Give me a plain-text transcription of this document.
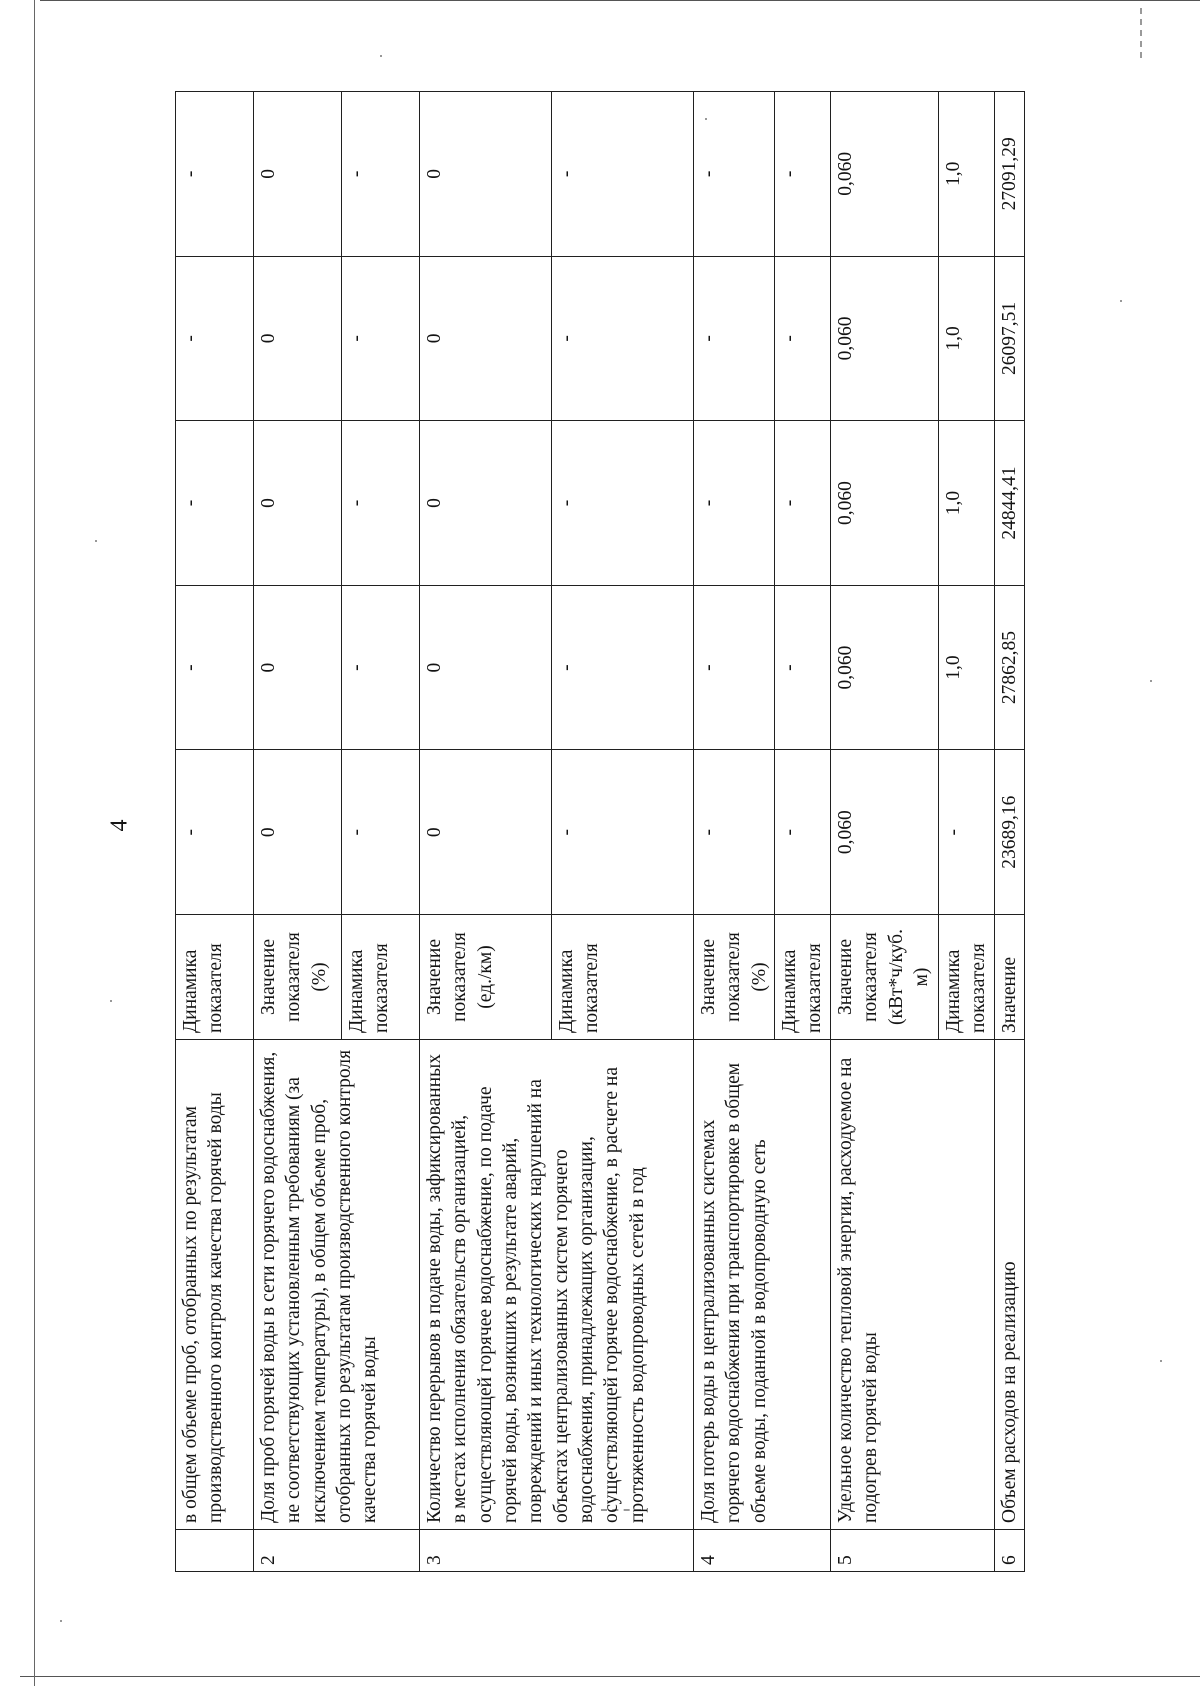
4
	в общем объеме проб, отобранных по результатам производственного контроля качества горячей воды	Динамика показателя	-	-	-	-	-
2	Доля проб горячей воды в сети горячего водоснабжения, не соответствующих установленным требованиям (за исключением температуры), в общем объеме проб, отобранных по результатам производственного контроля качества горячей воды	Значение показателя (%)	0	0	0	0	0
		Динамика показателя	-	-	-	-	-
3	Количество перерывов в подаче воды, зафиксированных в местах исполнения обязательств организацией, осуществляющей горячее водоснабжение, по подаче горячей воды, возникших в результате аварий, повреждений и иных технологических нарушений на объектах централизованных систем горячего водоснабжения, принадлежащих организации, осуществляющей горячее водоснабжение, в расчете на протяженность водопроводных сетей в год	Значение показателя (ед./км)	0	0	0	0	0
		Динамика показателя	-	-	-	-	-
4	Доля потерь воды в централизованных системах горячего водоснабжения при транспортировке в общем объеме воды, поданной в водопроводную сеть	Значение показателя (%)	-	-	-	-	-
		Динамика показателя	-	-	-	-	-
5	Удельное количество тепловой энергии, расходуемое на подогрев горячей воды	Значение показателя (кВт*ч/куб. м)	0,060	0,060	0,060	0,060	0,060
		Динамика показателя	-	1,0	1,0	1,0	1,0
6	Объем расходов на реализацию	Значение	23689,16	27862,85	24844,41	26097,51	27091,29
